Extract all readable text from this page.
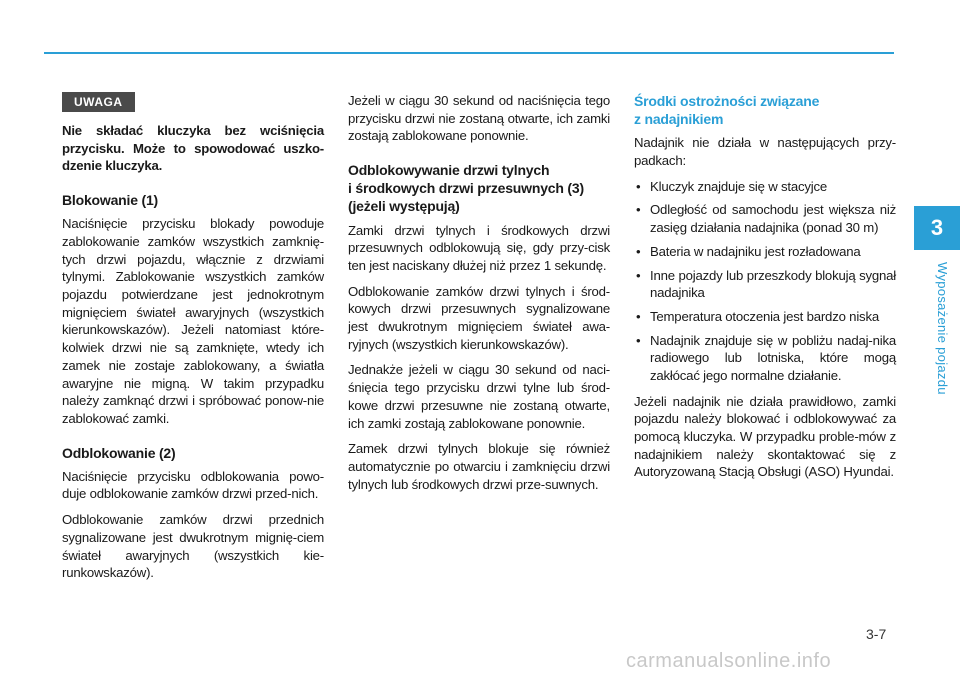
UWAGA

Nie składać kluczyka bez wciśnięcia przycisku. Może to spowodować uszko-dzenie kluczyka.

Blokowanie (1)

Naciśnięcie przycisku blokady powoduje zablokowanie zamków wszystkich zamknię-tych drzwi pojazdu, włącznie z drzwiami tylnymi. Zablokowanie wszystkich zamków pojazdu potwierdzane jest jednokrotnym mignięciem świateł awaryjnych (wszystkich kierunkowskazów). Jeżeli natomiast które-kolwiek drzwi nie są zamknięte, wtedy ich zamek nie zostaje zablokowany, a światła awaryjne nie migną. W takim przypadku należy zamknąć drzwi i spróbować ponow-nie zablokować zamki.

Odblokowanie (2)

Naciśnięcie przycisku odblokowania powo-duje odblokowanie zamków drzwi przed-nich.

Odblokowanie zamków drzwi przednich sygnalizowane jest dwukrotnym mignię-ciem świateł awaryjnych (wszystkich kie-runkowskazów).

Jeżeli w ciągu 30 sekund od naciśnięcia tego przycisku drzwi nie zostaną otwarte, ich zamki zostają zablokowane ponownie.

Odblokowywanie drzwi tylnych
i środkowych drzwi przesuwnych (3)
(jeżeli występują)

Zamki drzwi tylnych i środkowych drzwi przesuwnych odblokowują się, gdy przy-cisk ten jest naciskany dłużej niż przez 1 sekundę.

Odblokowanie zamków drzwi tylnych i środ-kowych drzwi przesuwnych sygnalizowane jest dwukrotnym mignięciem świateł awa-ryjnych (wszystkich kierunkowskazów).

Jednakże jeżeli w ciągu 30 sekund od naci-śnięcia tego przycisku drzwi tylne lub środ-kowe drzwi przesuwne nie zostaną otwarte, ich zamki zostają zablokowane ponownie.

Zamek drzwi tylnych blokuje się również automatycznie po otwarciu i zamknięciu drzwi tylnych lub środkowych drzwi prze-suwnych.

Środki ostrożności związane
z nadajnikiem

Nadajnik nie działa w następujących przy-padkach:

• Kluczyk znajduje się w stacyjce
• Odległość od samochodu jest większa niż zasięg działania nadajnika (ponad 30 m)
• Bateria w nadajniku jest rozładowana
• Inne pojazdy lub przeszkody blokują sygnał nadajnika
• Temperatura otoczenia jest bardzo niska
• Nadajnik znajduje się w pobliżu nadaj-nika radiowego lub lotniska, które mogą zakłócać jego normalne działanie.

Jeżeli nadajnik nie działa prawidłowo, zamki pojazdu należy blokować i odblokowywać za pomocą kluczyka. W przypadku proble-mów z nadajnikiem należy skontaktować się z Autoryzowaną Stacją Obsługi (ASO) Hyundai.

3
Wyposażenie pojazdu
3-7
carmanualsonline.info
